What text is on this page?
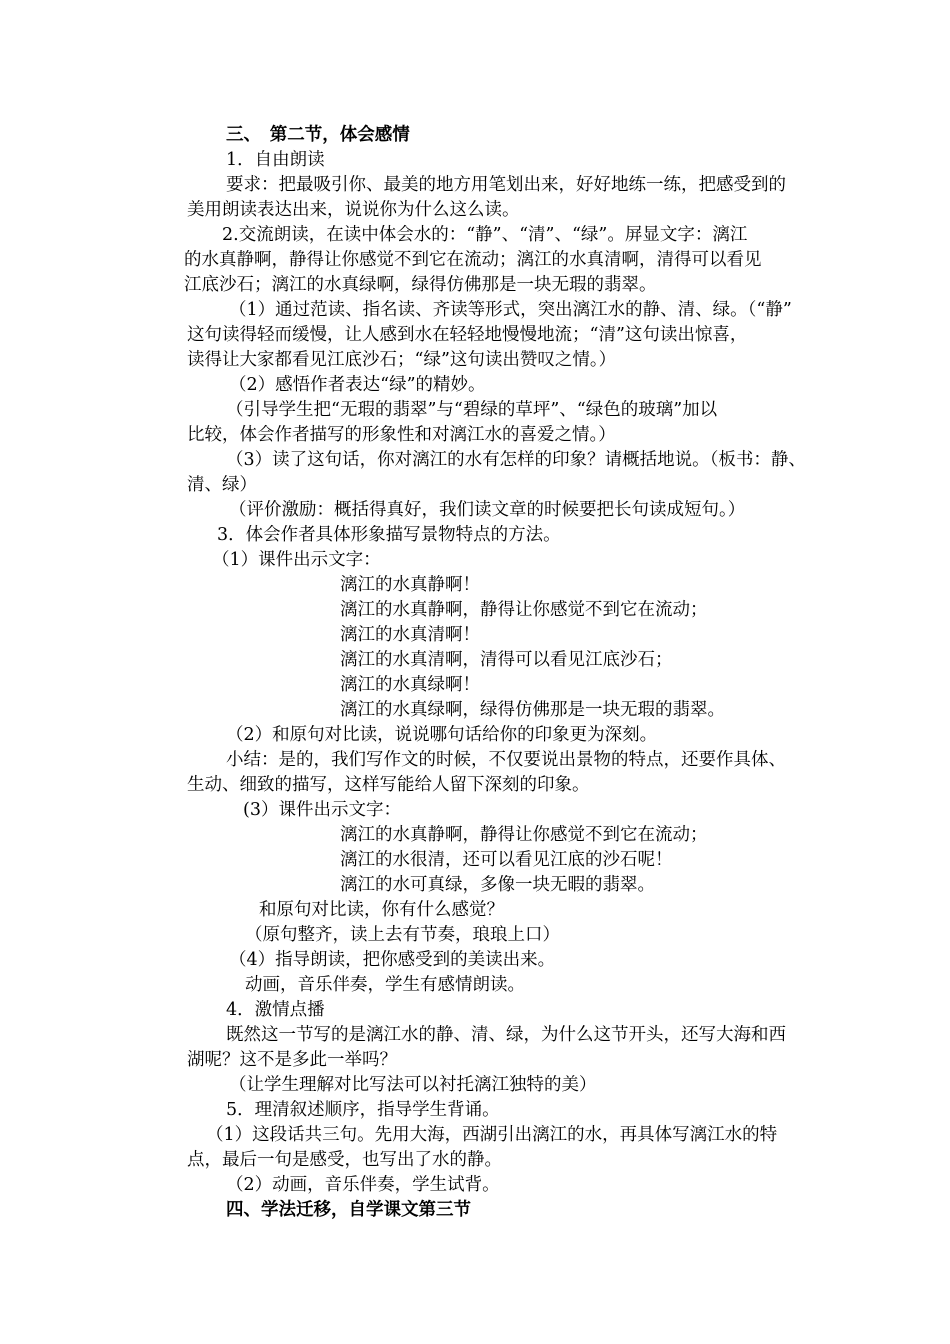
三、　第二节，体会感情
1．自由朗读
要求：把最吸引你、最美的地方用笔划出来，好好地练一练，把感受到的
美用朗读表达出来，说说你为什么这么读。
2.交流朗读，在读中体会水的：“静”、“清”、“绿”。屏显文字：漓江
的水真静啊，静得让你感觉不到它在流动；漓江的水真清啊，清得可以看见
江底沙石；漓江的水真绿啊，绿得仿佛那是一块无瑕的翡翠。
（1）通过范读、指名读、齐读等形式，突出漓江水的静、清、绿。（“静”
这句读得轻而缓慢，让人感到水在轻轻地慢慢地流；“清”这句读出惊喜，
读得让大家都看见江底沙石；“绿”这句读出赞叹之情。）
（2）感悟作者表达“绿”的精妙。
（引导学生把“无瑕的翡翠”与“碧绿的草坪”、“绿色的玻璃”加以
比较，体会作者描写的形象性和对漓江水的喜爱之情。）
（3）读了这句话，你对漓江的水有怎样的印象？请概括地说。（板书：静、
清、绿）
（评价激励：概括得真好，我们读文章的时候要把长句读成短句。）
3．体会作者具体形象描写景物特点的方法。
（1）课件出示文字：
漓江的水真静啊！
漓江的水真静啊，静得让你感觉不到它在流动；
漓江的水真清啊！
漓江的水真清啊，清得可以看见江底沙石；
漓江的水真绿啊！
漓江的水真绿啊，绿得仿佛那是一块无瑕的翡翠。
（2）和原句对比读，说说哪句话给你的印象更为深刻。
小结：是的，我们写作文的时候，不仅要说出景物的特点，还要作具体、
生动、细致的描写，这样写能给人留下深刻的印象。
(3）课件出示文字：
漓江的水真静啊，静得让你感觉不到它在流动；
漓江的水很清，还可以看见江底的沙石呢！
漓江的水可真绿，多像一块无暇的翡翠。
和原句对比读，你有什么感觉？
（原句整齐，读上去有节奏，琅琅上口）
（4）指导朗读，把你感受到的美读出来。
动画，音乐伴奏，学生有感情朗读。
4．激情点播
既然这一节写的是漓江水的静、清、绿，为什么这节开头，还写大海和西
湖呢？这不是多此一举吗？
（让学生理解对比写法可以衬托漓江独特的美）
5．理清叙述顺序，指导学生背诵。
（1）这段话共三句。先用大海，西湖引出漓江的水，再具体写漓江水的特
点，最后一句是感受，也写出了水的静。
（2）动画，音乐伴奏，学生试背。
四、学法迁移，自学课文第三节
